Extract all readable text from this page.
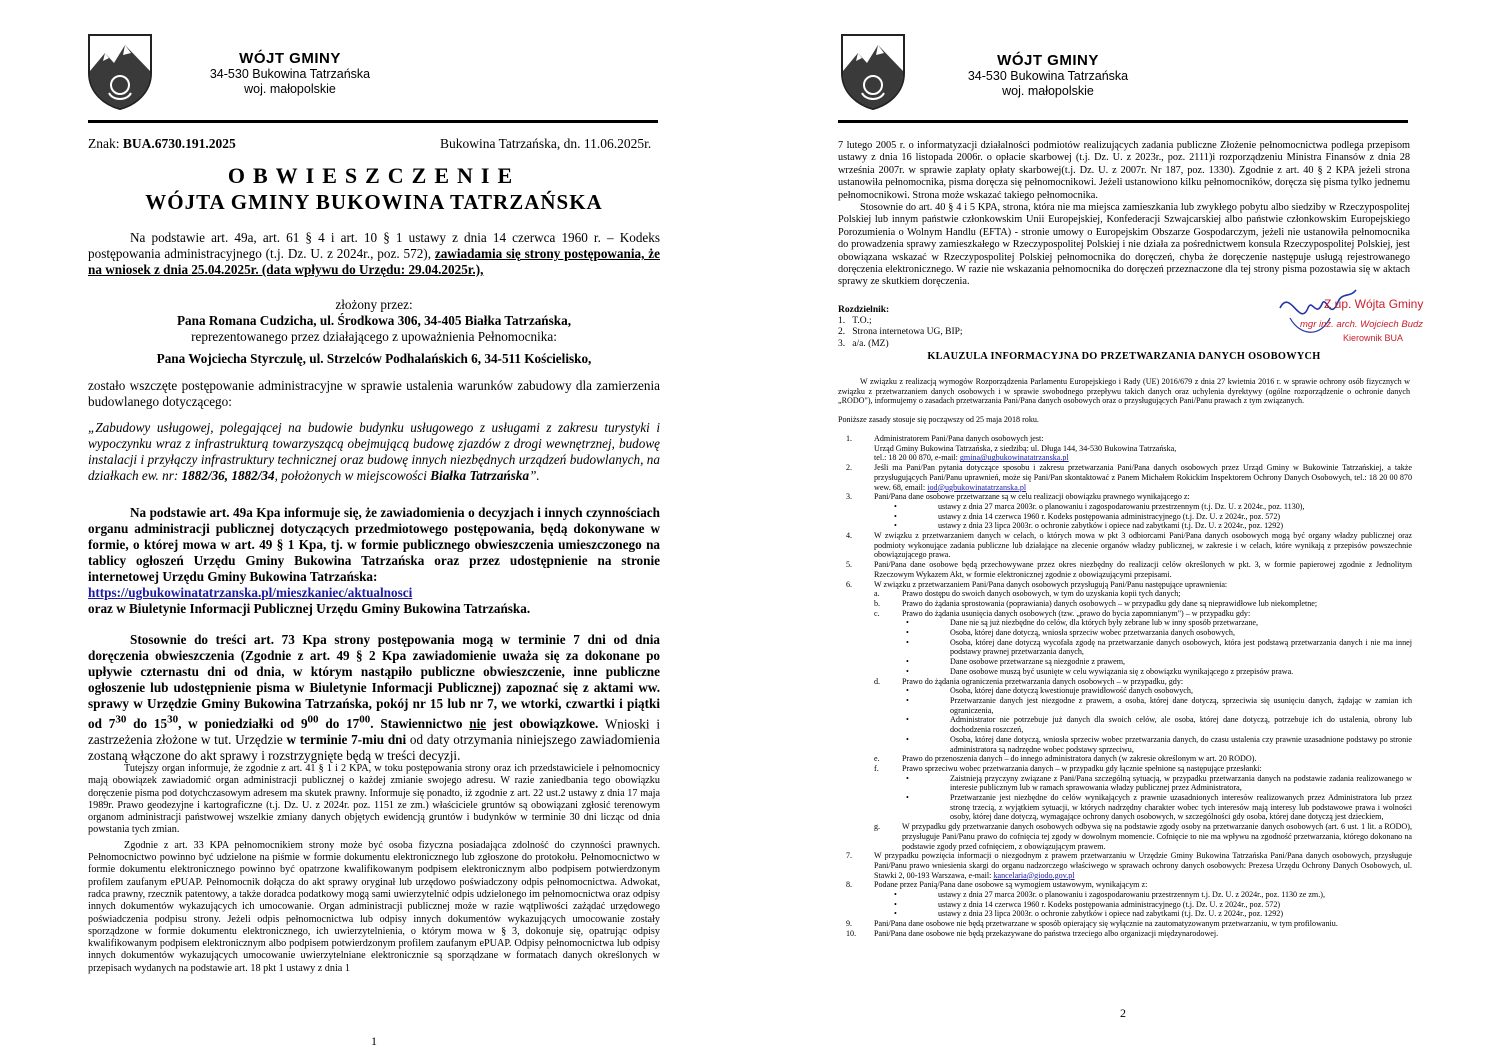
WÓJT GMINY
34-530 Bukowina Tatrzańska
woj. małopolskie
Znak: BUA.6730.191.2025	Bukowina Tatrzańska, dn. 11.06.2025r.
OBWIESZCZENIE
WÓJTA GMINY BUKOWINA TATRZAŃSKA

Na podstawie art. 49a, art. 61 § 4 i art. 10 § 1 ustawy z dnia 14 czerwca 1960 r. – Kodeks postępowania administracyjnego (t.j. Dz. U. z 2024r., poz. 572), zawiadamia się strony postępowania, że na wniosek z dnia 25.04.2025r. (data wpływu do Urzędu: 29.04.2025r.),

złożony przez:

Pana Romana Cudzicha, ul. Środkowa 306, 34-405 Białka Tatrzańska,

reprezentowanego przez działającego z upoważnienia Pełnomocnika:

Pana Wojciecha Styrczulę, ul. Strzelców Podhalańskich 6, 34-511 Kościelisko,

zostało wszczęte postępowanie administracyjne w sprawie ustalenia warunków zabudowy dla zamierzenia budowlanego dotyczącego:

„Zabudowy usługowej, polegającej na budowie budynku usługowego z usługami z zakresu turystyki i wypoczynku wraz z infrastrukturą towarzyszącą obejmującą budowę zjazdów z drogi wewnętrznej, budowę instalacji i przyłączy infrastruktury technicznej oraz budowę innych niezbędnych urządzeń budowlanych, na działkach ew. nr: 1882/36, 1882/34, położonych w miejscowości Białka Tatrzańska”.

Na podstawie art. 49a Kpa informuje się, że zawiadomienia o decyzjach i innych czynnościach organu administracji publicznej dotyczących przedmiotowego postępowania, będą dokonywane w formie, o której mowa w art. 49 § 1 Kpa, tj. w formie publicznego obwieszczenia umieszczonego na tablicy ogłoszeń Urzędu Gminy Bukowina Tatrzańska oraz przez udostępnienie na stronie internetowej Urzędu Gminy Bukowina Tatrzańska:

https://ugbukowinatatrzanska.pl/mieszkaniec/aktualnosci

oraz w Biuletynie Informacji Publicznej Urzędu Gminy Bukowina Tatrzańska.

Stosownie do treści art. 73 Kpa strony postępowania mogą w terminie 7 dni od dnia doręczenia obwieszczenia (Zgodnie z art. 49 § 2 Kpa zawiadomienie uważa się za dokonane po upływie czternastu dni od dnia, w którym nastąpiło publiczne obwieszczenie, inne publiczne ogłoszenie lub udostępnienie pisma w Biuletynie Informacji Publicznej) zapoznać się z aktami ww. sprawy w Urzędzie Gminy Bukowina Tatrzańska, pokój nr 15 lub nr 7, we wtorki, czwartki i piątki od $7^{30}$ do $15^{30}$, w poniedziałki od $9^{00}$ do $17^{00}$. Stawiennictwo nie jest obowiązkowe. Wnioski i zastrzeżenia złożone w tut. Urzędzie w terminie 7-miu dni od daty otrzymania niniejszego zawiadomienia zostaną włączone do akt sprawy i rozstrzygnięte będą w treści decyzji.

Tutejszy organ informuje, że zgodnie z art. 41 § 1 i 2 KPA, w toku postępowania strony oraz ich przedstawiciele i pełnomocnicy mają obowiązek zawiadomić organ administracji publicznej o każdej zmianie swojego adresu. W razie zaniedbania tego obowiązku doręczenie pisma pod dotychczasowym adresem ma skutek prawny. Informuje się ponadto, iż zgodnie z art. 22 ust.2 ustawy z dnia 17 maja 1989r. Prawo geodezyjne i kartograficzne (t.j. Dz. U. z 2024r. poz. 1151 ze zm.) właściciele gruntów są obowiązani zgłosić terenowym organom administracji państwowej wszelkie zmiany danych objętych ewidencją gruntów i budynków w terminie 30 dni licząc od dnia powstania tych zmian.

Zgodnie z art. 33 KPA pełnomocnikiem strony może być osoba fizyczna posiadająca zdolność do czynności prawnych. Pełnomocnictwo powinno być udzielone na piśmie w formie dokumentu elektronicznego lub zgłoszone do protokołu. Pełnomocnictwo w formie dokumentu elektronicznego powinno być opatrzone kwalifikowanym podpisem elektronicznym albo podpisem potwierdzonym profilem zaufanym ePUAP. Pełnomocnik dołącza do akt sprawy oryginał lub urzędowo poświadczony odpis pełnomocnictwa. Adwokat, radca prawny, rzecznik patentowy, a także doradca podatkowy mogą sami uwierzytelnić odpis udzielonego im pełnomocnictwa oraz odpisy innych dokumentów wykazujących ich umocowanie. Organ administracji publicznej może w razie wątpliwości zażądać urzędowego poświadczenia podpisu strony. Jeżeli odpis pełnomocnictwa lub odpisy innych dokumentów wykazujących umocowanie zostały sporządzone w formie dokumentu elektronicznego, ich uwierzytelnienia, o którym mowa w § 3, dokonuje się, opatrując odpisy kwalifikowanym podpisem elektronicznym albo podpisem potwierdzonym profilem zaufanym ePUAP. Odpisy pełnomocnictwa lub odpisy innych dokumentów wykazujących umocowanie uwierzytelniane elektronicznie są sporządzane w formatach danych określonych w przepisach wydanych na podstawie art. 18 pkt 1 ustawy z dnia 1

1
WÓJT GMINY
34-530 Bukowina Tatrzańska
woj. małopolskie

7 lutego 2005 r. o informatyzacji działalności podmiotów realizujących zadania publiczne Złożenie pełnomocnictwa podlega przepisom ustawy z dnia 16 listopada 2006r. o opłacie skarbowej (t.j. Dz. U. z 2023r., poz. 2111)i rozporządzeniu Ministra Finansów z dnia 28 września 2007r. w sprawie zapłaty opłaty skarbowej(t.j. Dz. U. z 2007r. Nr 187, poz. 1330). Zgodnie z art. 40 § 2 KPA jeżeli strona ustanowiła pełnomocnika, pisma doręcza się pełnomocnikowi. Jeżeli ustanowiono kilku pełnomocników, doręcza się pisma tylko jednemu pełnomocnikowi. Strona może wskazać takiego pełnomocnika.

Stosownie do art. 40 § 4 i 5 KPA, strona, która nie ma miejsca zamieszkania lub zwykłego pobytu albo siedziby w Rzeczypospolitej Polskiej lub innym państwie członkowskim Unii Europejskiej, Konfederacji Szwajcarskiej albo państwie członkowskim Europejskiego Porozumienia o Wolnym Handlu (EFTA) - stronie umowy o Europejskim Obszarze Gospodarczym, jeżeli nie ustanowiła pełnomocnika do prowadzenia sprawy zamieszkałego w Rzeczypospolitej Polskiej i nie działa za pośrednictwem konsula Rzeczypospolitej Polskiej, jest obowiązana wskazać w Rzeczypospolitej Polskiej pełnomocnika do doręczeń, chyba że doręczenie następuje usługą rejestrowanego doręczenia elektronicznego. W razie nie wskazania pełnomocnika do doręczeń przeznaczone dla tej strony pisma pozostawia się w aktach sprawy ze skutkiem doręczenia.

Rozdzielnik:

1. T.O.;

2. Strona internetowa UG, BIP;

3. a/a. (MZ)

Z up. Wójta Gminy
mgr inż. arch. Wojciech Budz
Kierownik BUA
KLAUZULA INFORMACYJNA DO PRZETWARZANIA DANYCH OSOBOWYCH

W związku z realizacją wymogów Rozporządzenia Parlamentu Europejskiego i Rady (UE) 2016/679 z dnia 27 kwietnia 2016 r. w sprawie ochrony osób fizycznych w związku z przetwarzaniem danych osobowych i w sprawie swobodnego przepływu takich danych oraz uchylenia dyrektywy (ogólne rozporządzenie o ochronie danych „RODO"), informujemy o zasadach przetwarzania Pani/Pana danych osobowych oraz o przysługujących Pani/Panu prawach z tym związanych.

Poniższe zasady stosuje się począwszy od 25 maja 2018 roku.

1.	Administratorem Pani/Pana danych osobowych jest:
Urząd Gminy Bukowina Tatrzańska, z siedzibą: ul. Długa 144, 34-530 Bukowina Tatrzańska,
tel.: 18 20 00 870, e-mail: gmina@ugbukowinatatrzanska.pl
2.	Jeśli ma Pani/Pan pytania dotyczące sposobu i zakresu przetwarzania Pani/Pana danych osobowych przez Urząd Gminy w Bukowinie Tatrzańskiej, a także przysługujących Pani/Panu uprawnień, może się Pani/Pan skontaktować z Panem Michałem Rokickim Inspektorem Ochrony Danych Osobowych, tel.: 18 20 00 870 wew. 68, email: iod@ugbukowinatatrzanska.pl
3.	Pani/Pana dane osobowe przetwarzane są w celu realizacji obowiązku prawnego wynikającego z:
• ustawy z dnia 27 marca 2003r. o planowaniu i zagospodarowaniu przestrzennym (t.j. Dz. U. z 2024r., poz. 1130),
• ustawy z dnia 14 czerwca 1960 r. Kodeks postępowania administracyjnego (t.j. Dz. U. z 2024r., poz. 572)
• ustawy z dnia 23 lipca 2003r. o ochronie zabytków i opiece nad zabytkami (t.j. Dz. U. z 2024r., poz. 1292)
4.	W związku z przetwarzaniem danych w celach, o których mowa w pkt 3 odbiorcami Pani/Pana danych osobowych mogą być organy władzy publicznej oraz podmioty wykonujące zadania publiczne lub działające na zlecenie organów władzy publicznej, w zakresie i w celach, które wynikają z przepisów powszechnie obowiązującego prawa.
5.	Pani/Pana dane osobowe będą przechowywane przez okres niezbędny do realizacji celów określonych w pkt. 3, w formie papierowej zgodnie z Jednolitym Rzeczowym Wykazem Akt, w formie elektronicznej zgodnie z obowiązującymi przepisami.
6.	W związku z przetwarzaniem Pani/Pana danych osobowych przysługują Pani/Panu następujące uprawnienia:
a.	Prawo dostępu do swoich danych osobowych, w tym do uzyskania kopii tych danych;
b.	Prawo do żądania sprostowania (poprawiania) danych osobowych – w przypadku gdy dane są nieprawidłowe lub niekompletne;
c.	Prawo do żądania usunięcia danych osobowych (tzw. „prawo do bycia zapomnianym") – w przypadku gdy:
• Dane nie są już niezbędne do celów, dla których były zebrane lub w inny sposób przetwarzane,
• Osoba, której dane dotyczą, wniosła sprzeciw wobec przetwarzania danych osobowych,
• Osoba, której dane dotyczą wycofała zgodę na przetwarzanie danych osobowych, która jest podstawą przetwarzania danych i nie ma innej podstawy prawnej przetwarzania danych,
• Dane osobowe przetwarzane są niezgodnie z prawem,
• Dane osobowe muszą być usunięte w celu wywiązania się z obowiązku wynikającego z przepisów prawa.
d.	Prawo do żądania ograniczenia przetwarzania danych osobowych – w przypadku, gdy:
• Osoba, której dane dotyczą kwestionuje prawidłowość danych osobowych,
• Przetwarzanie danych jest niezgodne z prawem, a osoba, której dane dotyczą, sprzeciwia się usunięciu danych, żądając w zamian ich ograniczenia,
• Administrator nie potrzebuje już danych dla swoich celów, ale osoba, której dane dotyczą, potrzebuje ich do ustalenia, obrony lub dochodzenia roszczeń,
• Osoba, której dane dotyczą, wniosła sprzeciw wobec przetwarzania danych, do czasu ustalenia czy prawnie uzasadnione podstawy po stronie administratora są nadrzędne wobec podstawy sprzeciwu,
e.	Prawo do przenoszenia danych – do innego administratora danych (w zakresie określonym w art. 20 RODO).
f.	Prawo sprzeciwu wobec przetwarzania danych – w przypadku gdy łącznie spełnione są następujące przesłanki:
• Zaistnieją przyczyny związane z Pani/Pana szczególną sytuacją, w przypadku przetwarzania danych na podstawie zadania realizowanego w interesie publicznym lub w ramach sprawowania władzy publicznej przez Administratora,
• Przetwarzanie jest niezbędne do celów wynikających z prawnie uzasadnionych interesów realizowanych przez Administratora lub przez stronę trzecią, z wyjątkiem sytuacji, w których nadrzędny charakter wobec tych interesów mają interesy lub podstawowe prawa i wolności osoby, której dane dotyczą, wymagające ochrony danych osobowych, w szczególności gdy osoba, której dane dotyczą jest dzieckiem,
g.	W przypadku gdy przetwarzanie danych osobowych odbywa się na podstawie zgody osoby na przetwarzanie danych osobowych (art. 6 ust. 1 lit. a RODO), przysługuje Pani/Panu prawo do cofnięcia tej zgody w dowolnym momencie. Cofnięcie to nie ma wpływu na zgodność przetwarzania, którego dokonano na podstawie zgody przed cofnięciem, z obowiązującym prawem.
7.	W przypadku powzięcia informacji o niezgodnym z prawem przetwarzaniu w Urzędzie Gminy Bukowina Tatrzańska Pani/Pana danych osobowych, przysługuje Pani/Panu prawo wniesienia skargi do organu nadzorczego właściwego w sprawach ochrony danych osobowych: Prezesa Urzędu Ochrony Danych Osobowych, ul. Stawki 2, 00-193 Warszawa, e-mail: kancelaria@giodo.gov.pl
8.	Podane przez Panią/Pana dane osobowe są wymogiem ustawowym, wynikającym z:
• ustawy z dnia 27 marca 2003r. o planowaniu i zagospodarowaniu przestrzennym t.j. Dz. U. z 2024r., poz. 1130 ze zm.),
• ustawy z dnia 14 czerwca 1960 r. Kodeks postępowania administracyjnego (t.j. Dz. U. z 2024r., poz. 572)
• ustawy z dnia 23 lipca 2003r. o ochronie zabytków i opiece nad zabytkami (t.j. Dz. U. z 2024r., poz. 1292)
9.	Pani/Pana dane osobowe nie będą przetwarzane w sposób opierający się wyłącznie na zautomatyzowanym przetwarzaniu, w tym profilowaniu.
10. Pani/Pana dane osobowe nie będą przekazywane do państwa trzeciego albo organizacji międzynarodowej.
2
